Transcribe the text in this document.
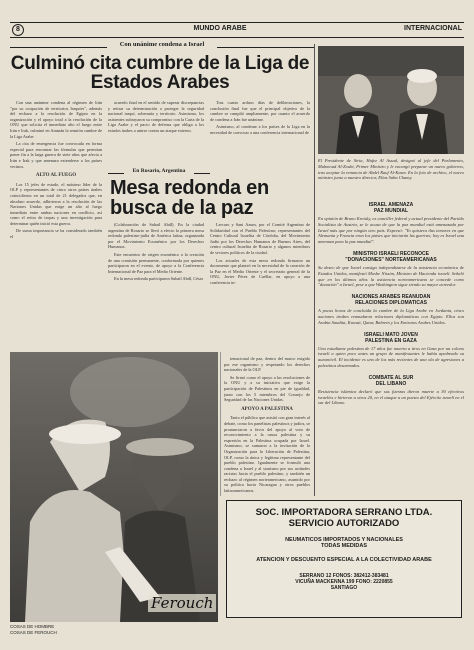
8	MUNDO ARABE	INTERNACIONAL
Con unánime condena a Israel
Culminó cita cumbre de la Liga de Estados Arabes

Con una unánime condena al régimen de Irán "por su ocupación de territorios Iraquíes", además del rechazo a la resolución de Egipto en la organización y el apoyo total a la resolución de la ONU que solicita el inmediato alto el fuego entre Irán e Irak, culminó en Ammán la reunión cumbre de la Liga Arabe.

La cita de emergencia fue convocada en forma especial para encontrar las fórmulas que permitan poner fin a la larga guerra de siete años que afecta a Irán e Irak y que amenaza extenderse a los países vecinos.

ALTO AL FUEGO

Los 15 jefes de estado, el máximo líder de la OLP y representantes de cinco otros países árabes coincidieron en un total de 21 delegados que, en absoluto acuerdo, adhirieron a la resolución de las Naciones Unidas que exige un alto al fuego inmediato entre ambas naciones en conflicto, así como el retiro de tropas y una investigación para determinar quién inició esta guerra.

De suma importancia se ha considerado también el

acuerdo final en el sentido de superar discrepancias y retirar su determinación a proteger la seguridad nacional iraquí, soberanía y territorio. Asimismo, los asistentes subrayaron su compromiso con la Carta de la Liga Arabe y el pacto de defensa que obliga a los estados árabes a unirse contra un ataque externo.

Tras cuatro arduos días de deliberaciones, la conclusión final fue que el principal objetivo de la cumbre se cumplió ampliamente, por cuanto el acuerdo de condena a Irán fue unánime.

Asimismo, al condenar a los países de la Liga en la necesidad de convocar a una conferencia internacional de

En Rosario, Argentina
Mesa redonda en busca de la paz

(Colaboración de Suhail Abdl). En la ciudad argentina de Rosario se llevó a efecto la primera mesa redonda palestino-judía de América latina, organizada por el Movimiento Ecuménico por los Derechos Humanos.

Este encuentro de origen ecuménico a la creación de una comisión permanente, conformada por quienes participaron en el evento, de apoyo a la Conferencia Internacional de Paz para el Medio Oriente.

En la mesa redonda participaron Suhail Abdl, César

Lercaro y Sani Azum, por el Comité Argentino de Solidaridad con el Pueblo Palestino; representantes del Centro Cultural Israelita de Córdoba, del Movimiento Judío por los Derechos Humanos de Buenos Aires, del centro cultural Israelita de Rosario y algunos miembros de sectores políticos de la ciudad.

Los actuales de esta mesa redonda firmaron un documento que planteó en la necesidad de la creación de la Paz en el Medio Oriente y el secretario general de la ONU, Javier Pérez de Cuéllar, en apoyo a una conferencia in-

Ferouch
COSAS DE HOMBRE
COSAS DE FEROUCH

temacional de paz, dentro del marco exigido por ese organismo y respetando los derechos nacionales de la OLP.

Se firmó como el apoyo a las resoluciones de la ONU y a su iniciativa que exige la participación de Palestinos en pie de igualdad, junto con los 5 miembros del Consejo de Seguridad de las Naciones Unidas.

APOYO A PALESTINA

Tanto el público que asistió con gran interés al debate, como los panelistas palestinos y judíos, se pronunciaron a favor del apoyo al voto de reconocimiento a la causa palestina y su expresión en la Palestina ocupada por Israel. Asimismo, se sumaron a la invitación de la Organización para la Liberación de Palestina, OLP, como la única y legítima representante del pueblo palestino. Igualmente se formuló una condena a Israel y al sionismo por sus actitudes racistas hacia el pueblo palestino, y también un rechazo al régimen norteamericano, asumido por su política hacia Nicaragua y otros pueblos latinoamericanos.

El Presidente de Siria, Hafez Al Assad, designó al jefe del Parlamento, Mahmoud Al-Zoubi, Primer Ministro y le encargó preparar un nuevo gobierno, tras aceptar la renuncia de Abdel Rauf Al-Kasm. En la foto de archivo, el nuevo ministro junto a nuestro director, Elías Saba Chamy.
ISRAEL AMENAZA
PAZ MUNDIAL
En opinión de Bruno Kreisky, ex canciller federal y actual presidente del Partido Socialista de Austria, se le acusa de que la paz mundial está amenazada por Israel más que por ningún otro país. Expresó: "Yo quisiera ilus temores en que Alemania y Francia eran los países que iniciarán las guerras; hoy es Israel una amenaza para la paz mundial".
MINISTRO ISRAELI RECONOCE
"DONACIONES" NORTEAMERICANAS
Su deseo de que Israel consiga independizarse de la asistencia económica de Estados Unidos, manifestó Moshe Nissim, Ministro de Hacienda israelí. Señaló que en los últimos años la asistencia norteamericana se concede como "donación" a Israel, pese a que Washington sigue siendo su mayor acreedor.
NACIONES ARABES REANUDAN
RELACIONES DIPLOMATICAS
A pocas horas de concluida la cumbre de la Liga Arabe en Jordania, cinco naciones árabes reanudaron relaciones diplomáticas con Egipto. Ellos son Arabia Saudita, Kuwait, Qatar, Bahrein y los Emiratos Arabes Unidos.
ISRAELI MATO JOVEN
PALESTINA EN GAZA
Una estudiante palestina de 17 años fue muerta a tiros en Gaza por un colono israelí a quien poco antes un grupo de manifestantes le había apedreado su automóvil. El incidente es uno de los más recientes de una ola de agresiones a palestinos desarmados.
COMBATE AL SUR
DEL LIBANO
Resistencia islámica declaró que sus fuerzas dieron muerte a 30 efectivos israelíes e hirieron a otros 20, en el ataque a un puesto del Ejército israelí en el sur del Líbano.
SOC. IMPORTADORA SERRANO LTDA.
SERVICIO AUTORIZADO
NEUMATICOS IMPORTADOS Y NACIONALES
TODAS MEDIDAS
ATENCION Y DESCUENTO ESPECIAL A LA COLECTIVIDAD ARABE
SERRANO 12 FONOS: 382412-383481
VICUÑA MACKENNA 199 FONO: 2220855
SANTIAGO
